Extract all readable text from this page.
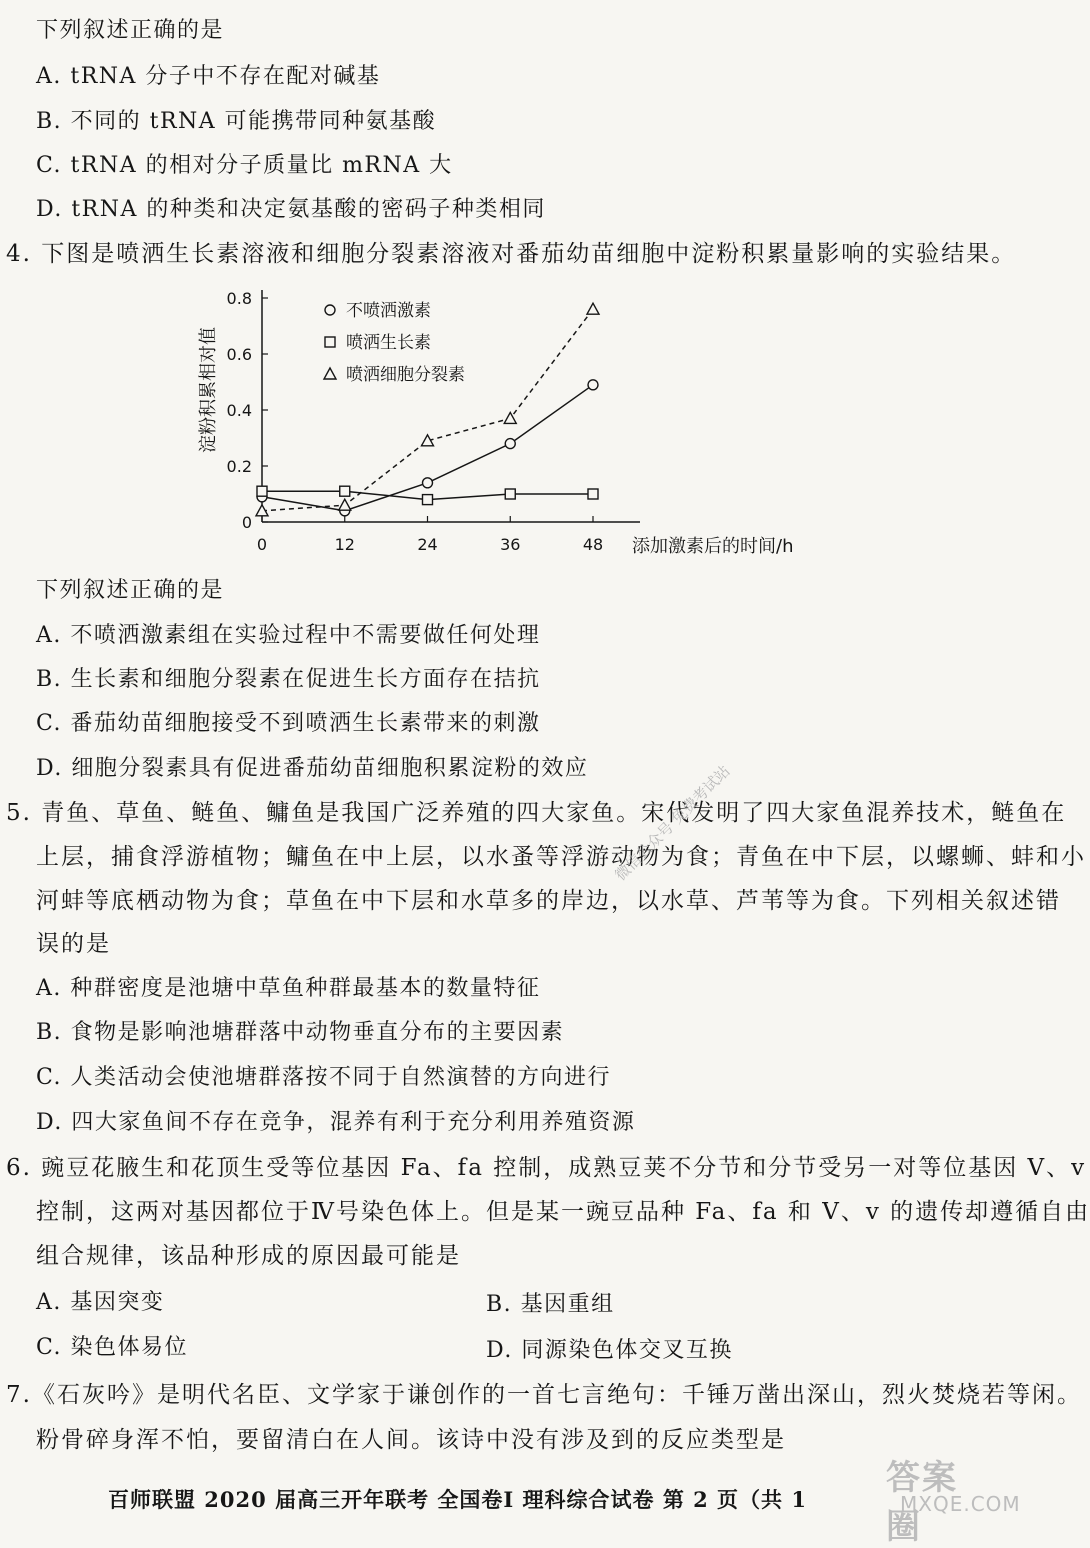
下列叙述正确的是
A. tRNA 分子中不存在配对碱基
B. 不同的 tRNA 可能携带同种氨基酸
C. tRNA 的相对分子质量比 mRNA 大
D. tRNA 的种类和决定氨基酸的密码子种类相同
4. 下图是喷洒生长素溶液和细胞分裂素溶液对番茄幼苗细胞中淀粉积累量影响的实验结果。
0	12	24	36	48
0
0.2
0.4
0.6
0.8
不喷洒激素
喷洒生长素
喷洒细胞分裂素
淀粉积累相对值
添加激素后的时间/h
下列叙述正确的是
A. 不喷洒激素组在实验过程中不需要做任何处理
B. 生长素和细胞分裂素在促进生长方面存在拮抗
C. 番茄幼苗细胞接受不到喷洒生长素带来的刺激
D. 细胞分裂素具有促进番茄幼苗细胞积累淀粉的效应
5. 青鱼、草鱼、鲢鱼、鳙鱼是我国广泛养殖的四大家鱼。宋代发明了四大家鱼混养技术，鲢鱼在
上层，捕食浮游植物；鳙鱼在中上层，以水蚤等浮游动物为食；青鱼在中下层，以螺蛳、蚌和小
河蚌等底栖动物为食；草鱼在中下层和水草多的岸边，以水草、芦苇等为食。下列相关叙述错
误的是
A. 种群密度是池塘中草鱼种群最基本的数量特征
B. 食物是影响池塘群落中动物垂直分布的主要因素
C. 人类活动会使池塘群落按不同于自然演替的方向进行
D. 四大家鱼间不存在竞争，混养有利于充分利用养殖资源
6. 豌豆花腋生和花顶生受等位基因 Fa、fa 控制，成熟豆荚不分节和分节受另一对等位基因 V、v
控制，这两对基因都位于Ⅳ号染色体上。但是某一豌豆品种 Fa、fa 和 V、v 的遗传却遵循自由
组合规律，该品种形成的原因最可能是
A. 基因突变	B. 基因重组
C. 染色体易位	D. 同源染色体交叉互换
7.《石灰吟》是明代名臣、文学家于谦创作的一首七言绝句：千锤万凿出深山，烈火焚烧若等闲。
粉骨碎身浑不怕，要留清白在人间。该诗中没有涉及到的反应类型是
百师联盟 2020 届高三开年联考 全国卷Ⅰ 理科综合试卷 第 2 页（共 1
微信公众号 免费考试站
答案圈
MXQE.COM
